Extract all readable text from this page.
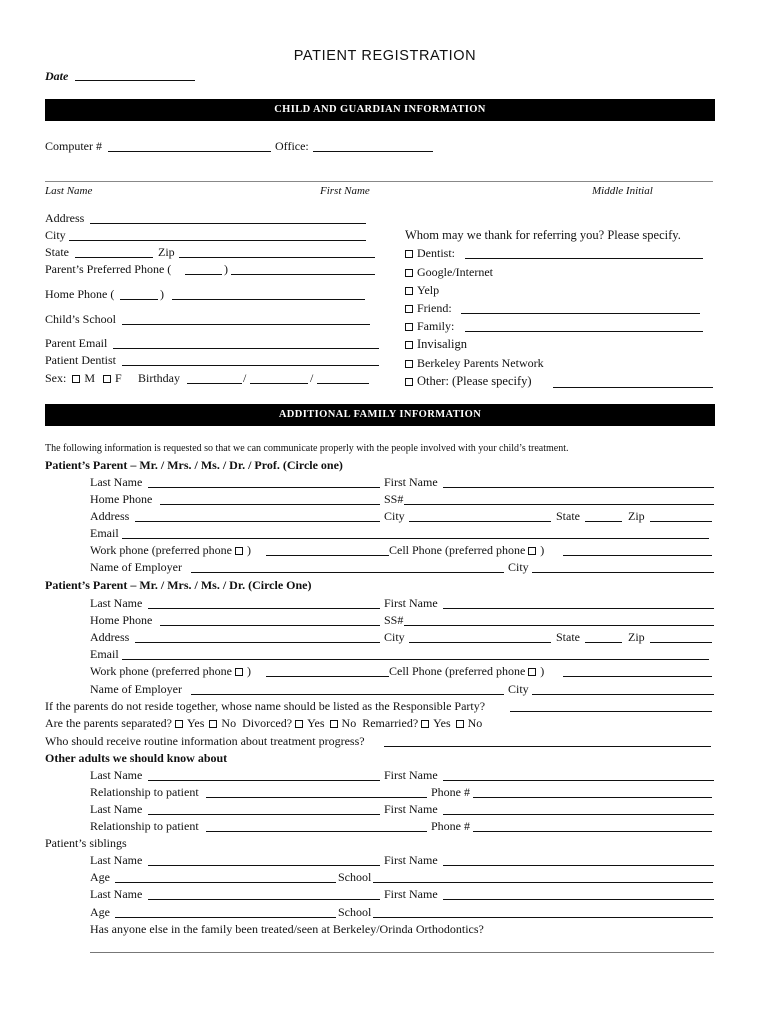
PATIENT REGISTRATION
Date
CHILD AND GUARDIAN INFORMATION
Computer #	Office:
Last Name	First Name	Middle Initial
Address
City
State	Zip
Parent’s Preferred Phone (	)
Home Phone (	)
Child’s School
Parent Email
Patient Dentist
Sex: M F Birthday	/	/
Whom may we thank for referring you? Please specify.
Dentist:
Google/Internet
Yelp
Friend:
Family:
Invisalign
Berkeley Parents Network
Other: (Please specify)
ADDITIONAL FAMILY INFORMATION
The following information is requested so that we can communicate properly with the people involved with your child’s treatment.
Patient’s Parent – Mr. / Mrs. / Ms. / Dr. / Prof. (Circle one)
Last Name	First Name
Home Phone	SS#
Address	City	State	Zip
Email
Work phone (preferred phone )	Cell Phone (preferred phone )
Name of Employer	City
Patient’s Parent – Mr. / Mrs. / Ms. / Dr. (Circle One)
Last Name	First Name
Home Phone	SS#
Address	City	State	Zip
Email
Work phone (preferred phone )	Cell Phone (preferred phone )
Name of Employer	City
If the parents do not reside together, whose name should be listed as the Responsible Party?
Are the parents separated? Yes No Divorced? Yes No Remarried? Yes No
Who should receive routine information about treatment progress?
Other adults we should know about
Last Name	First Name
Relationship to patient	Phone #
Last Name	First Name
Relationship to patient	Phone #
Patient’s siblings
Last Name	First Name
Age	School
Last Name	First Name
Age	School
Has anyone else in the family been treated/seen at Berkeley/Orinda Orthodontics?
